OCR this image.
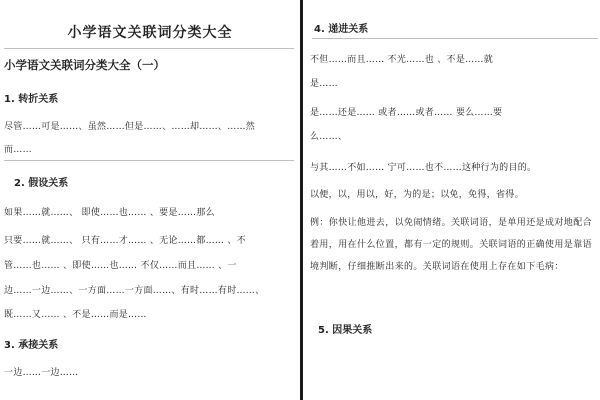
小学语文关联词分类大全
小学语文关联词分类大全（一）
1. 转折关系
尽管……可是……、虽然……但是……、……却……、……然
而……
2. 假设关系
如果……就……、 即使……也…… 、要是……那么
只要……就……、 只有……才…… 、无论……都…… 、不
管……也…… 、即使……也…… 不仅……而且…… 、一
边……一边……、一方面……一方面……、有时……有时……、
既……又…… 、不是……而是……
3. 承接关系
一边……一边……
4. 递进关系
不但……而且…… 不光……也 、不是……就
是……
是……还是…… 或者……或者…… 要么……要
么……、
与其……不如…… 宁可……也不……这种行为的目的。
以便，以，用以，好，为的是；以免，免得，省得。
例：你快让他进去，以免闹情绪。关联词语，是单用还是成对地配合着用，用在什么位置，都有一定的规则。关联词语的正确使用是靠语境判断，仔细推断出来的。关联词语在使用上存在如下毛病：
5. 因果关系
